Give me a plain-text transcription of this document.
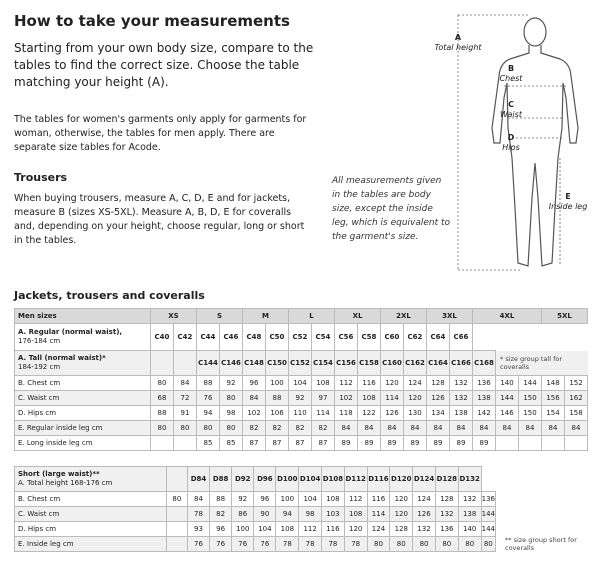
How to take your measurements
Starting from your own body size, compare to the tables to find the correct size. Choose the table matching your height (A).
The tables for women's garments only apply for garments for woman, otherwise, the tables for men apply. There are separate size tables for Acode.
Trousers
When buying trousers, measure A, C, D, E and for jackets, measure B (sizes XS-5XL). Measure A, B, D, E for coveralls and, depending on your height, choose regular, long or short in the tables.
All measurements given in the tables are body size, except the inside leg, which is equivalent to the garment's size.
A
Total height
B
Chest
C
Waist
D
Hips
E
Inside leg
Jackets, trousers and coveralls
Men sizes	XS		S		M		L		XL		2XL		3XL		4XL			5XL	
A. Regular (normal waist),
176-184 cm	C40	C42	C44	C46	C48	C50	C52	C54	C56	C58	C60	C62	C64	C66					
A. Tall (normal waist)*
184-192 cm			C144	C146	C148	C150	C152	C154	C156	C158	C160	C162	C164	C166	C168	* size group tall for coveralls			
B. Chest cm	80	84	88	92	96	100	104	108	112	116	120	124	128	132	136	140	144	148	152
C. Waist cm	68	72	76	80	84	88	92	97	102	108	114	120	126	132	138	144	150	156	162
D. Hips cm	88	91	94	98	102	106	110	114	118	122	126	130	134	138	142	146	150	154	158
E. Regular inside leg cm	80	80	80	80	82	82	82	82	84	84	84	84	84	84	84	84	84	84	84
E. Long inside leg cm			85	85	87	87	87	87	89	89	89	89	89	89	89				
Short (large waist)**
A. Total height 168-176 cm		D84	D88	D92	D96	D100	D104	D108	D112	D116	D120	D124	D128	D132	
B. Chest cm	80	84	88	92	96	100	104	108	112	116	120	124	128	132	136
C. Waist cm		78	82	86	90	94	98	103	108	114	120	126	132	138	144
D. Hips cm		93	96	100	104	108	112	116	120	124	128	132	136	140	144
E. Inside leg cm		76	76	76	76	78	78	78	78	80	80	80	80	80	80 ** size group short for coveralls
